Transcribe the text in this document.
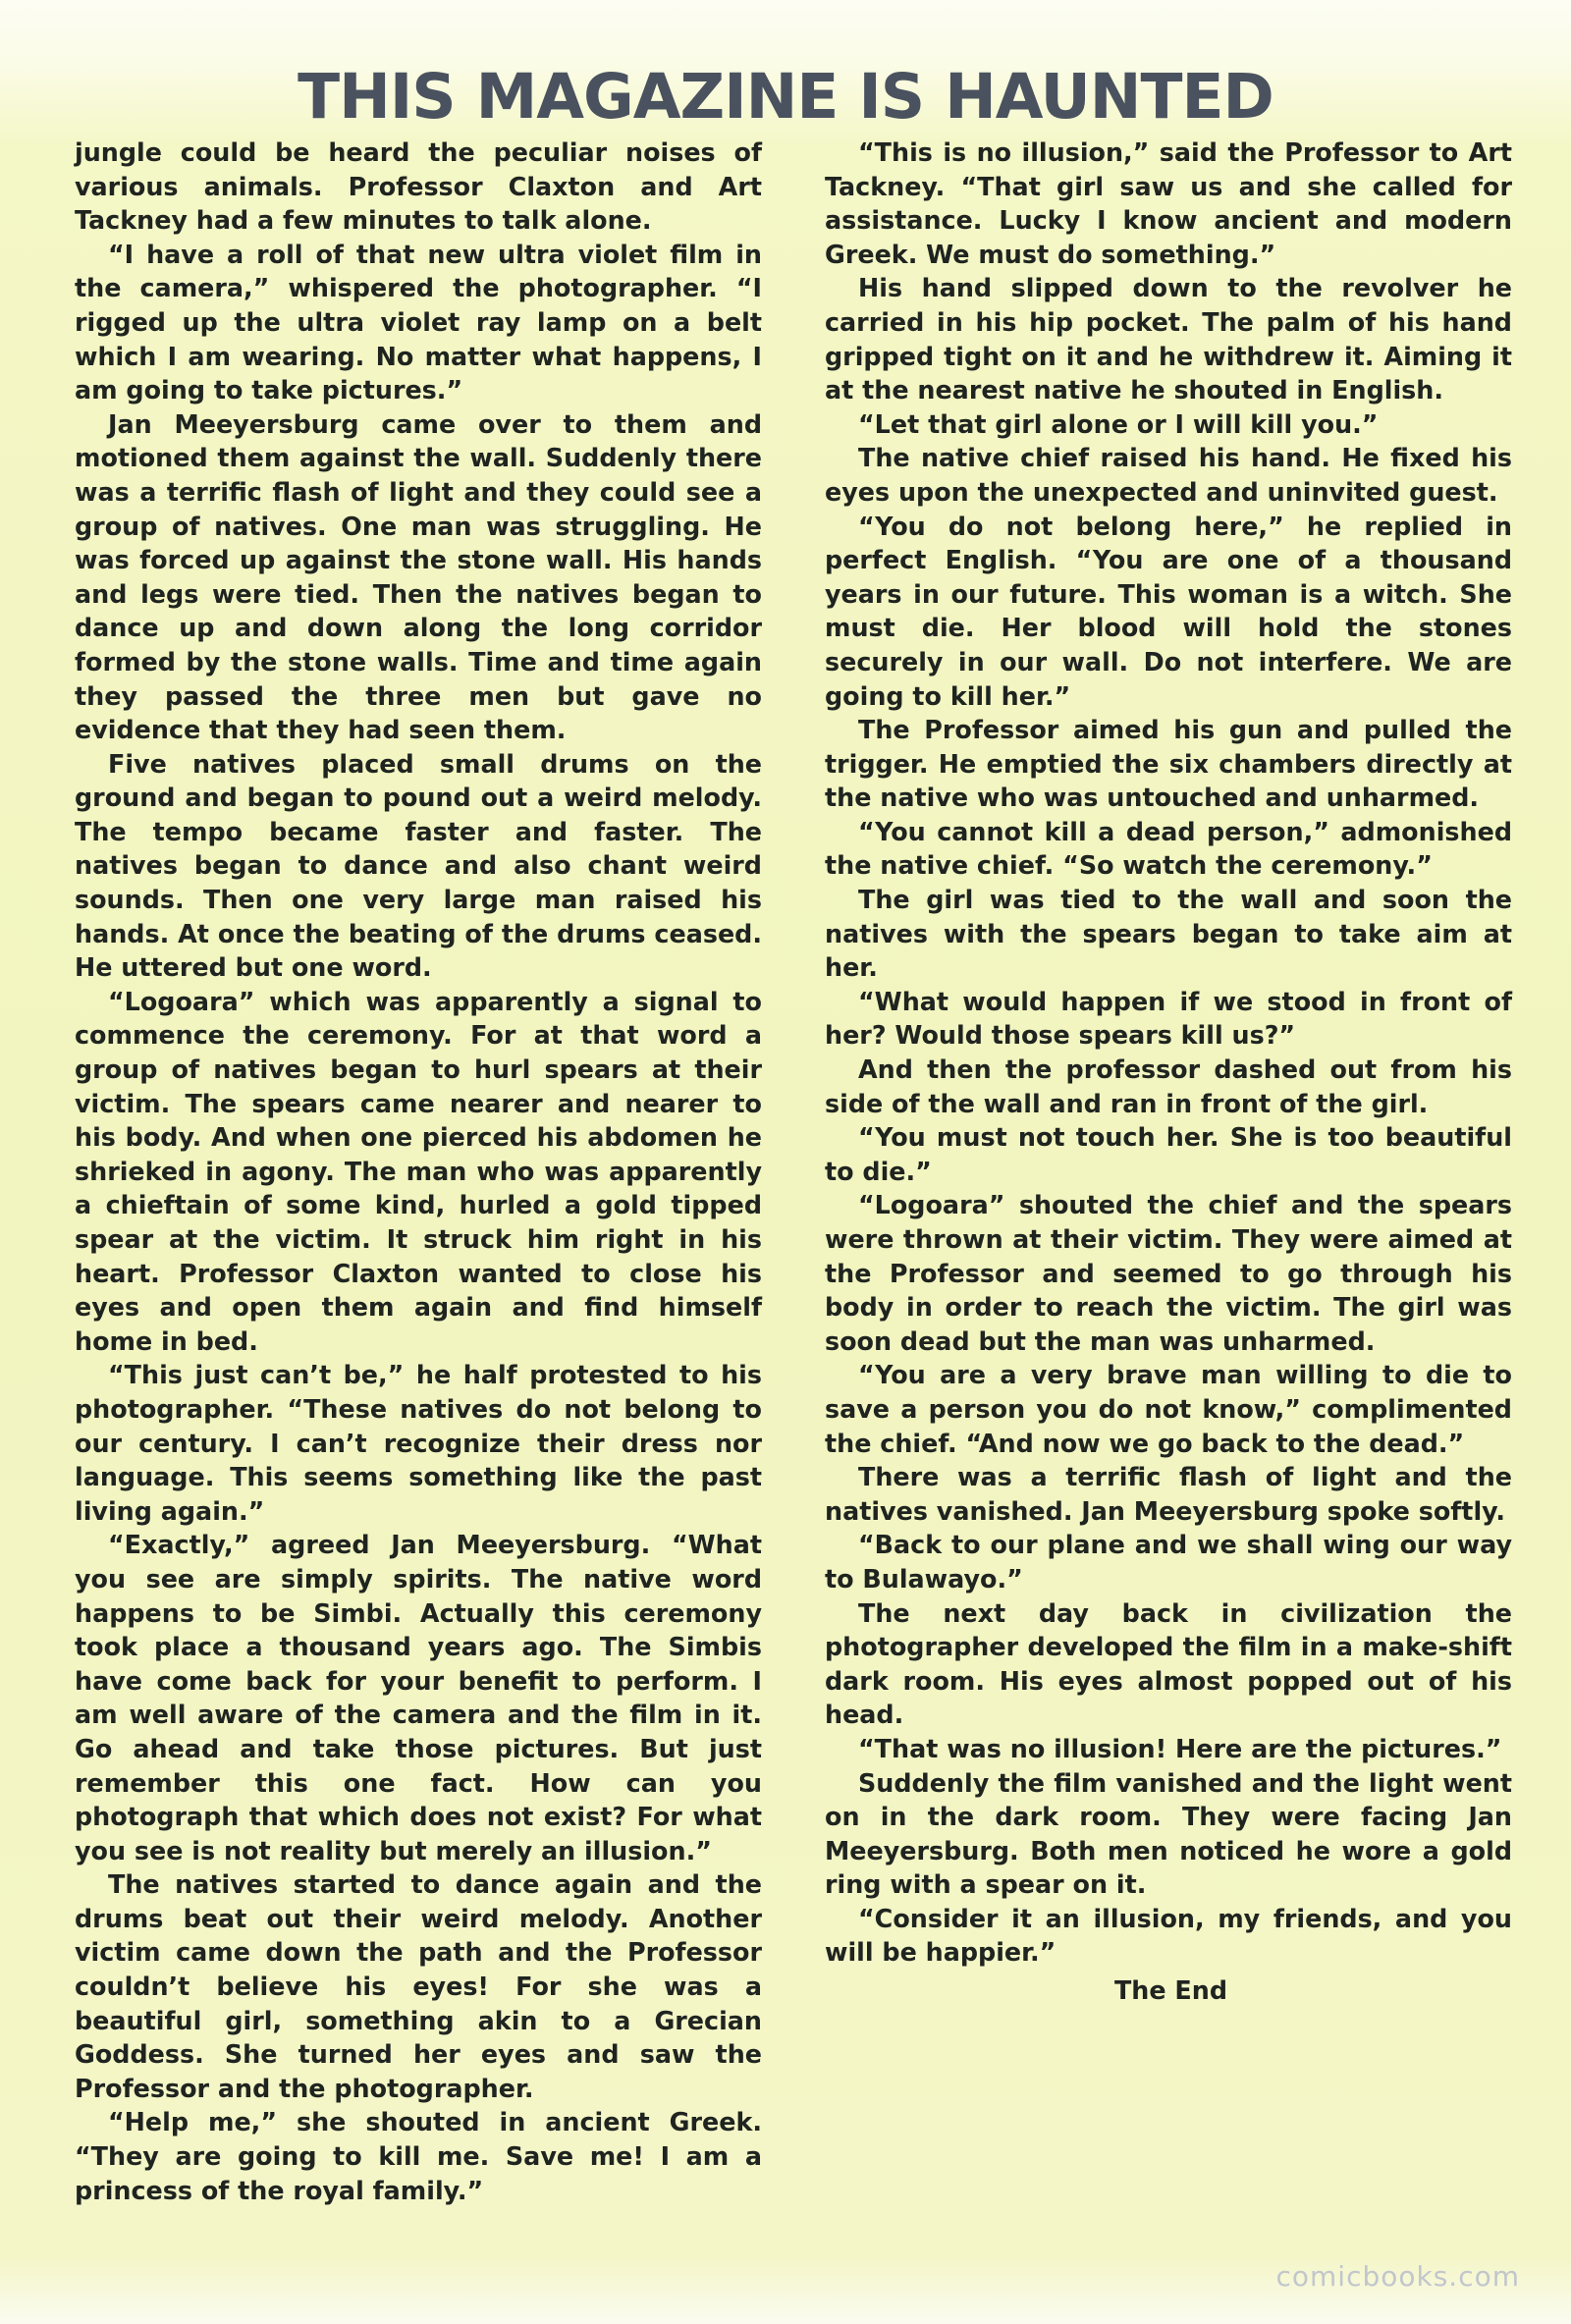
THIS MAGAZINE IS HAUNTED

jungle could be heard the peculiar noises of various animals. Professor Claxton and Art Tackney had a few minutes to talk alone.

“I have a roll of that new ultra violet film in the camera,” whispered the photographer. “I rigged up the ultra violet ray lamp on a belt which I am wearing. No matter what happens, I am going to take pictures.”

Jan Meeyersburg came over to them and motioned them against the wall. Suddenly there was a terrific flash of light and they could see a group of natives. One man was struggling. He was forced up against the stone wall. His hands and legs were tied. Then the natives began to dance up and down along the long corridor formed by the stone walls. Time and time again they passed the three men but gave no evidence that they had seen them.

Five natives placed small drums on the ground and began to pound out a weird melody. The tempo became faster and faster. The natives began to dance and also chant weird sounds. Then one very large man raised his hands. At once the beating of the drums ceased. He uttered but one word.

“Logoara” which was apparently a signal to commence the ceremony. For at that word a group of natives began to hurl spears at their victim. The spears came nearer and nearer to his body. And when one pierced his abdomen he shrieked in agony. The man who was apparently a chieftain of some kind, hurled a gold tipped spear at the victim. It struck him right in his heart. Professor Claxton wanted to close his eyes and open them again and find himself home in bed.

“This just can’t be,” he half protested to his photographer. “These natives do not belong to our century. I can’t recognize their dress nor language. This seems something like the past living again.”

“Exactly,” agreed Jan Meeyersburg. “What you see are simply spirits. The native word happens to be Simbi. Actually this ceremony took place a thousand years ago. The Simbis have come back for your benefit to perform. I am well aware of the camera and the film in it. Go ahead and take those pictures. But just remember this one fact. How can you photograph that which does not exist? For what you see is not reality but merely an illusion.”

The natives started to dance again and the drums beat out their weird melody. Another victim came down the path and the Professor couldn’t believe his eyes! For she was a beautiful girl, something akin to a Grecian Goddess. She turned her eyes and saw the Professor and the photographer.

“Help me,” she shouted in ancient Greek. “They are going to kill me. Save me! I am a princess of the royal family.”

“This is no illusion,” said the Professor to Art Tackney. “That girl saw us and she called for assistance. Lucky I know ancient and modern Greek. We must do something.”

His hand slipped down to the revolver he carried in his hip pocket. The palm of his hand gripped tight on it and he withdrew it. Aiming it at the nearest native he shouted in English.

“Let that girl alone or I will kill you.”

The native chief raised his hand. He fixed his eyes upon the unexpected and uninvited guest.

“You do not belong here,” he replied in perfect English. “You are one of a thousand years in our future. This woman is a witch. She must die. Her blood will hold the stones securely in our wall. Do not interfere. We are going to kill her.”

The Professor aimed his gun and pulled the trigger. He emptied the six chambers directly at the native who was untouched and unharmed.

“You cannot kill a dead person,” admonished the native chief. “So watch the ceremony.”

The girl was tied to the wall and soon the natives with the spears began to take aim at her.

“What would happen if we stood in front of her? Would those spears kill us?”

And then the professor dashed out from his side of the wall and ran in front of the girl.

“You must not touch her. She is too beautiful to die.”

“Logoara” shouted the chief and the spears were thrown at their victim. They were aimed at the Professor and seemed to go through his body in order to reach the victim. The girl was soon dead but the man was unharmed.

“You are a very brave man willing to die to save a person you do not know,” complimented the chief. “And now we go back to the dead.”

There was a terrific flash of light and the natives vanished. Jan Meeyersburg spoke softly.

“Back to our plane and we shall wing our way to Bulawayo.”

The next day back in civilization the photographer developed the film in a make-shift dark room. His eyes almost popped out of his head.

“That was no illusion! Here are the pictures.”

Suddenly the film vanished and the light went on in the dark room. They were facing Jan Meeyersburg. Both men noticed he wore a gold ring with a spear on it.

“Consider it an illusion, my friends, and you will be happier.”

The End

comicbooks.com
